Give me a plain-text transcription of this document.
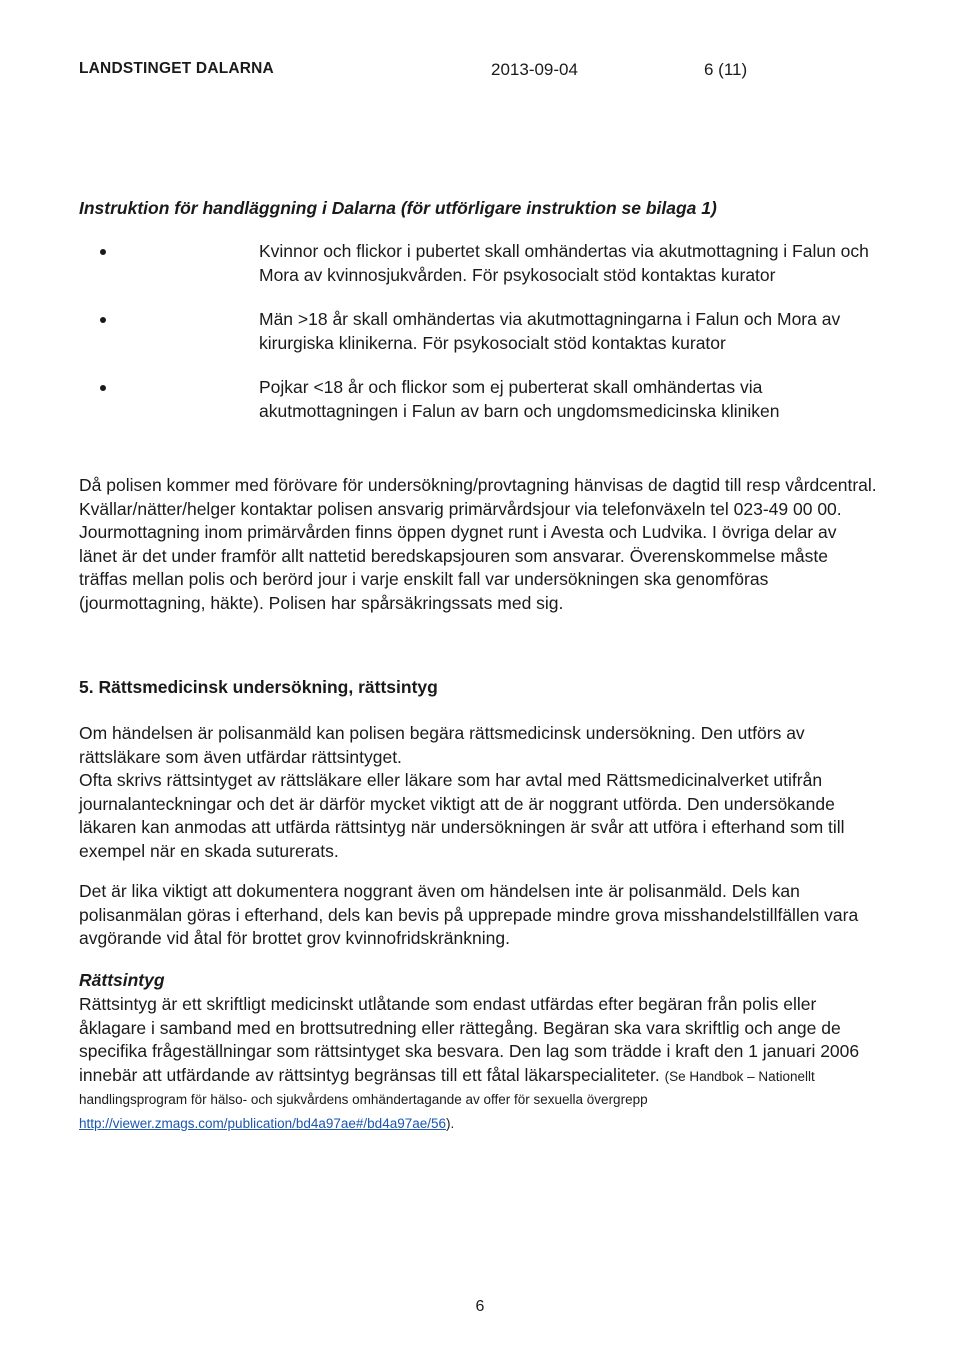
LANDSTINGET DALARNA	2013-09-04	6 (11)
Instruktion för handläggning i Dalarna (för utförligare instruktion se bilaga 1)
Kvinnor och flickor i pubertet skall omhändertas via akutmottagning i Falun och Mora av kvinnosjukvården. För psykosocialt stöd kontaktas kurator
Män >18 år skall omhändertas via akutmottagningarna i Falun och Mora av kirurgiska klinikerna. För psykosocialt stöd kontaktas kurator
Pojkar <18 år och flickor som ej puberterat skall omhändertas via akutmottagningen i Falun av barn och ungdomsmedicinska kliniken
Då polisen kommer med förövare för undersökning/provtagning hänvisas de dagtid till resp vårdcentral. Kvällar/nätter/helger kontaktar polisen ansvarig primärvårdsjour via telefonväxeln tel 023-49 00 00. Jourmottagning inom primärvården finns öppen dygnet runt i Avesta och Ludvika. I övriga delar av länet är det under framför allt nattetid beredskapsjouren som ansvarar. Överenskommelse måste träffas mellan polis och berörd jour i varje enskilt fall var undersökningen ska genomföras (jourmottagning, häkte). Polisen har spårsäkringssats med sig.
5. Rättsmedicinsk undersökning, rättsintyg
Om händelsen är polisanmäld kan polisen begära rättsmedicinsk undersökning. Den utförs av rättsläkare som även utfärdar rättsintyget.
Ofta skrivs rättsintyget av rättsläkare eller läkare som har avtal med Rättsmedicinalverket utifrån journalanteckningar och det är därför mycket viktigt att de är noggrant utförda. Den undersökande läkaren kan anmodas att utfärda rättsintyg när undersökningen är svår att utföra i efterhand som till exempel när en skada suturerats.
Det är lika viktigt att dokumentera noggrant även om händelsen inte är polisanmäld. Dels kan polisanmälan göras i efterhand, dels kan bevis på upprepade mindre grova misshandelstillfällen vara avgörande vid åtal för brottet grov kvinnofridskränkning.
Rättsintyg
Rättsintyg är ett skriftligt medicinskt utlåtande som endast utfärdas efter begäran från polis eller åklagare i samband med en brottsutredning eller rättegång. Begäran ska vara skriftlig och ange de specifika frågeställningar som rättsintyget ska besvara. Den lag som trädde i kraft den 1 januari 2006 innebär att utfärdande av rättsintyg begränsas till ett fåtal läkarspecialiteter. (Se Handbok – Nationellt handlingsprogram för hälso- och sjukvårdens omhändertagande av offer för sexuella övergrepp http://viewer.zmags.com/publication/bd4a97ae#/bd4a97ae/56).
6
